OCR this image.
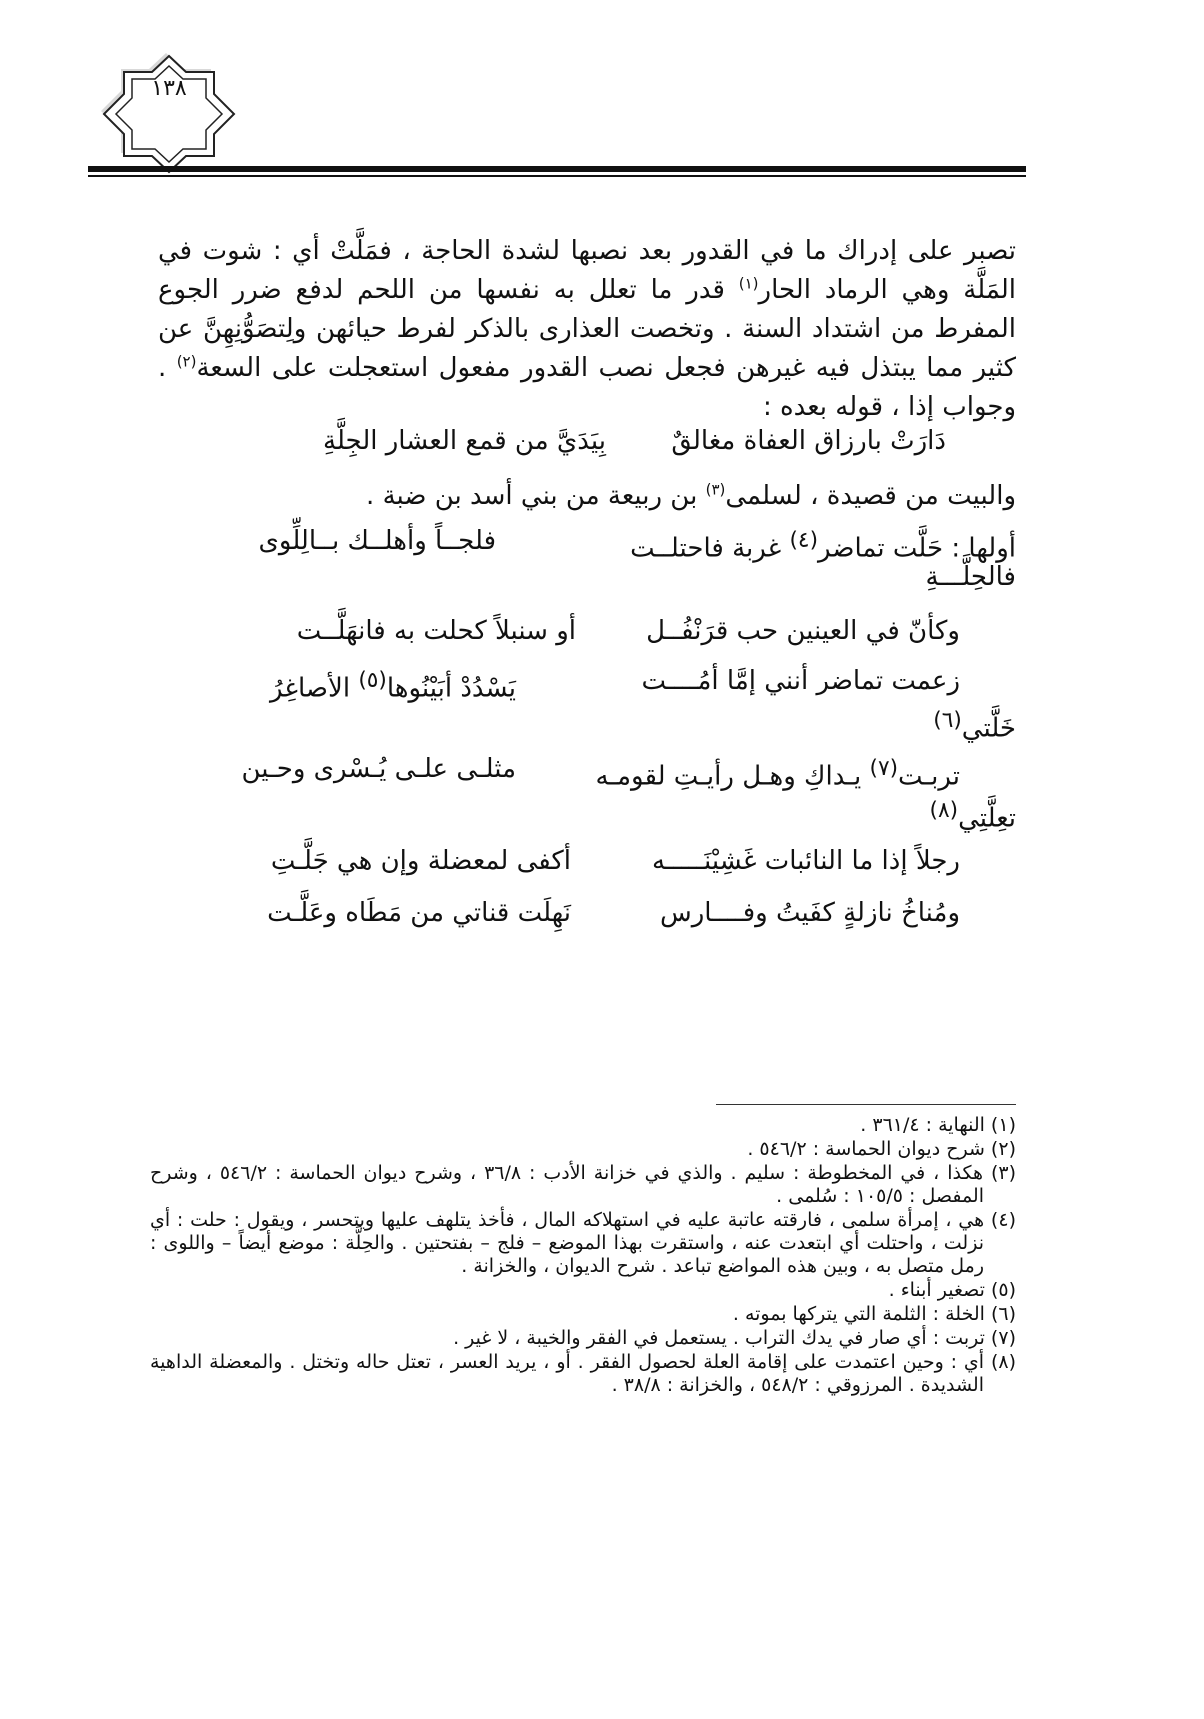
١٣٨

تصبر على إدراك ما في القدور بعد نصبها لشدة الحاجة ، فمَلَّتْ أي : شوت في المَلَّة وهي الرماد الحار$^{(١)}$ قدر ما تعلل به نفسها من اللحم لدفع ضرر الجوع المفرط من اشتداد السنة . وتخصت العذارى بالذكر لفرط حيائهن ولِتصَوُّنِهِنَّ عن كثير مما يبتذل فيه غيرهن فجعل نصب القدور مفعول استعجلت على السعة$^{(٢)}$ . وجواب إذا ، قوله بعده :

دَارَتْ بارزاق العفاة مغالقٌ
بِيَدَيَّ من قمع العشار الجِلَّةِ
والبيت من قصيدة ، لسلمى$^{(٣)}$ بن ربيعة من بني أسد بن ضبة .
أولها : حَلَّت تماضر$^{(٤)}$ غربة فاحتلــت
فلجــاً وأهلــك بــالِلِّوى
فالحِلَّـــةِ
وكأنّ في العينين حب قرَنْفُــل
أو سنبلاً كحلت به فانهَلَّــت
زعمت تماضر أنني إمَّا أمُــــت
يَسْدُدْ أبَيْنُوها$^{(٥)}$ الأصاغِرُ
خَلَّتي$^{(٦)}$
تربـت$^{(٧)}$ يـداكِ وهـل رأيـتِ لقومـه
مثلـى علـى يُـسْرى وحـين
تعِلَّتِي$^{(٨)}$
رجلاً إذا ما النائبات غَشِيْنَـــــه
أكفى لمعضلة وإن هي جَلَّـتِ
ومُناخُ نازلةٍ كفَيتُ وفــــارس
نَهِلَت قناتي من مَطَاه وعَلَّـت

(١) النهاية : ٣٦١/٤ .

(٢) شرح ديوان الحماسة : ٥٤٦/٢ .

(٣) هكذا ، في المخطوطة : سليم . والذي في خزانة الأدب : ٣٦/٨ ، وشرح ديوان الحماسة : ٥٤٦/٢ ، وشرح المفصل : ١٠٥/٥ : سُلمى .

(٤) هي ، إمرأة سلمى ، فارقته عاتبة عليه في استهلاكه المال ، فأخذ يتلهف عليها ويتحسر ، ويقول : حلت : أي نزلت ، واحتلت أي ابتعدت عنه ، واستقرت بهذا الموضع – فلج – بفتحتين . والحِلَّة : موضع أيضاً – واللوى : رمل متصل به ، وبين هذه المواضع تباعد . شرح الديوان ، والخزانة .

(٥) تصغير أبناء .

(٦) الخلة : الثلمة التي يتركها بموته .

(٧) تربت : أي صار في يدك التراب . يستعمل في الفقر والخيبة ، لا غير .

(٨) أي : وحين اعتمدت على إقامة العلة لحصول الفقر . أو ، يريد العسر ، تعتل حاله وتختل . والمعضلة الداهية الشديدة . المرزوقي : ٥٤٨/٢ ، والخزانة : ٣٨/٨ .
